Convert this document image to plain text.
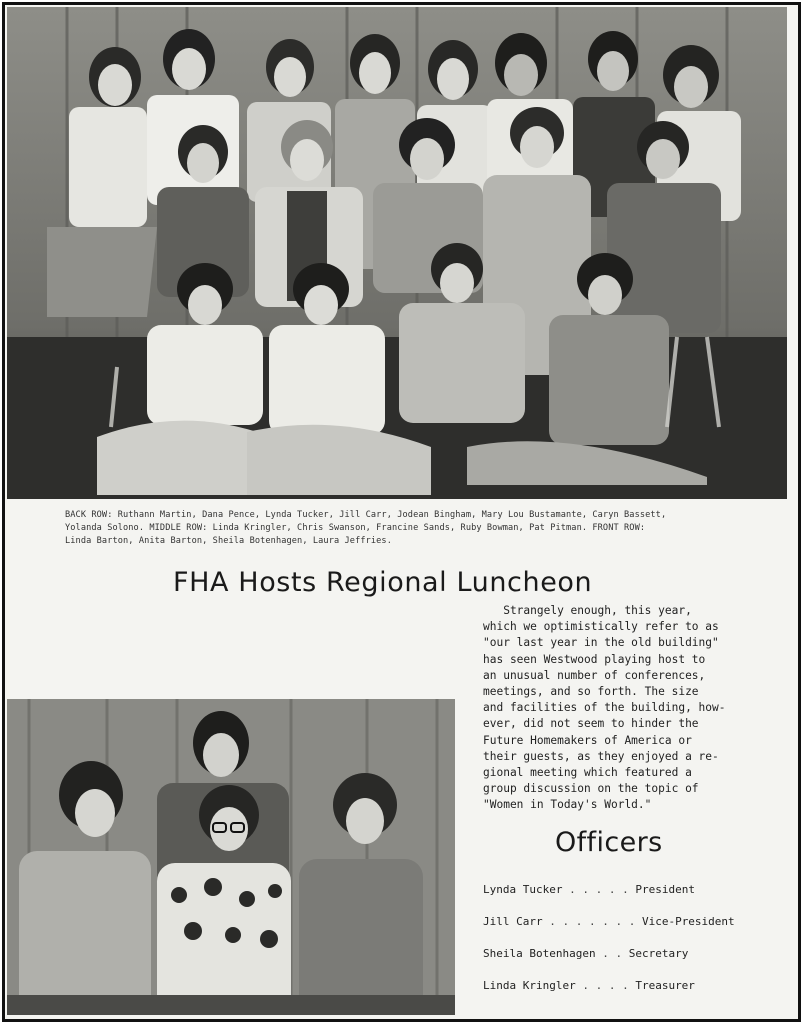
BACK ROW: Ruthann Martin, Dana Pence, Lynda Tucker, Jill Carr, Jodean Bingham, Mary Lou Bustamante, Caryn Bassett,
Yolanda Solono. MIDDLE ROW: Linda Kringler, Chris Swanson, Francine Sands, Ruby Bowman, Pat Pitman. FRONT ROW:
Linda Barton, Anita Barton, Sheila Botenhagen, Laura Jeffries.
FHA Hosts Regional Luncheon
Strangely enough, this year,
which we optimistically refer to as
"our last year in the old building"
has seen Westwood playing host to
an unusual number of conferences,
meetings, and so forth. The size
and facilities of the building, how-
ever, did not seem to hinder the
Future Homemakers of America or
their guests, as they enjoyed a re-
gional meeting which featured a
group discussion on the topic of
"Women in Today's World."
Officers
Lynda Tucker
. . . . .
President
Jill Carr
. . . . . . .
Vice-President
Sheila Botenhagen
. .
Secretary
Linda Kringler
. . . .
Treasurer
